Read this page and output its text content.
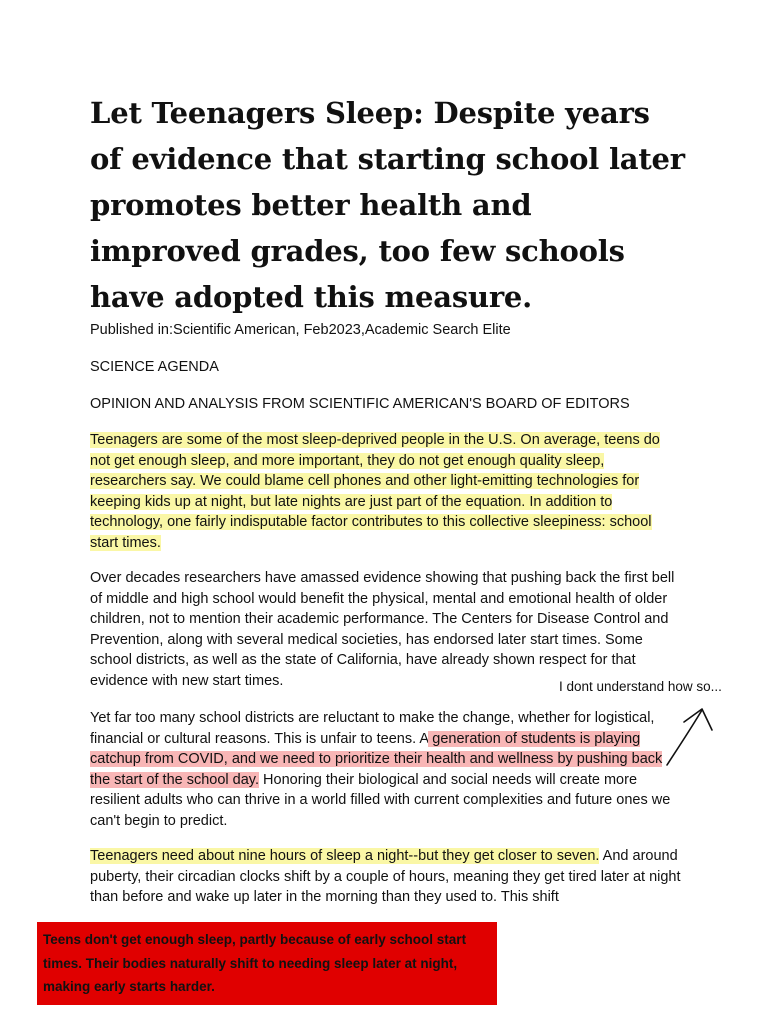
Let Teenagers Sleep: Despite years of evidence that starting school later promotes better health and improved grades, too few schools have adopted this measure.

Published in:Scientific American, Feb2023,Academic Search Elite

SCIENCE AGENDA

OPINION AND ANALYSIS FROM SCIENTIFIC AMERICAN'S BOARD OF EDITORS

Teenagers are some of the most sleep-deprived people in the U.S. On average, teens do not get enough sleep, and more important, they do not get enough quality sleep, researchers say. We could blame cell phones and other light-emitting technologies for keeping kids up at night, but late nights are just part of the equation. In addition to technology, one fairly indisputable factor contributes to this collective sleepiness: school start times.

Over decades researchers have amassed evidence showing that pushing back the first bell of middle and high school would benefit the physical, mental and emotional health of older children, not to mention their academic performance. The Centers for Disease Control and Prevention, along with several medical societies, has endorsed later start times. Some school districts, as well as the state of California, have already shown respect for that evidence with new start times.

Yet far too many school districts are reluctant to make the change, whether for logistical, financial or cultural reasons. This is unfair to teens. A generation of students is playing catchup from COVID, and we need to prioritize their health and wellness by pushing back the start of the school day. Honoring their biological and social needs will create more resilient adults who can thrive in a world filled with current complexities and future ones we can't begin to predict.

Teenagers need about nine hours of sleep a night--but they get closer to seven. And around puberty, their circadian clocks shift by a couple of hours, meaning they get tired later at night than before and wake up later in the morning than they used to. This shift

I dont understand how so...

Teens don't get enough sleep, partly because of early school start times. Their bodies naturally shift to needing sleep later at night, making early starts harder.
